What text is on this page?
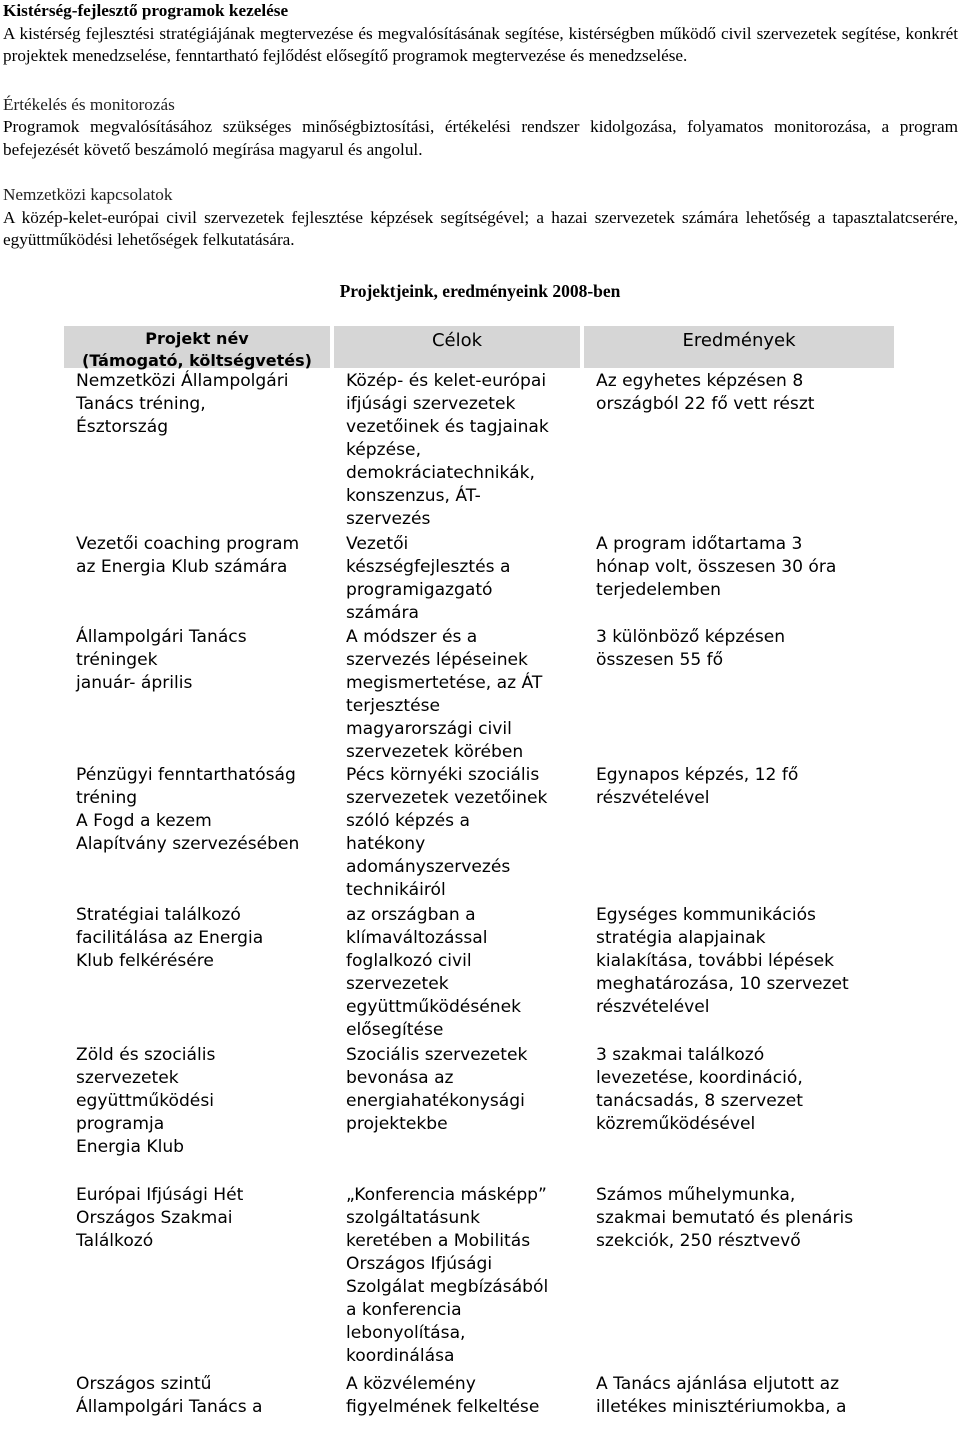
Kistérség-fejlesztő programok kezelése

A kistérség fejlesztési stratégiájának megtervezése és megvalósításának segítése, kistérségben működő civil szervezetek segítése, konkrét projektek menedzselése, fenntartható fejlődést elősegítő programok megtervezése és menedzselése.

Értékelés és monitorozás

Programok megvalósításához szükséges minőségbiztosítási, értékelési rendszer kidolgozása, folyamatos monitorozása, a program befejezését követő beszámoló megírása magyarul és angolul.

Nemzetközi kapcsolatok

A közép-kelet-európai civil szervezetek fejlesztése képzések segítségével; a hazai szervezetek számára lehetőség a tapasztalatcserére, együttműködési lehetőségek felkutatására.

Projektjeink, eredményeink 2008-ben
Projekt név
(Támogató, költségvetés)
Célok	Eredmények
Nemzetközi Állampolgári
Tanács tréning,
Észtország
Közép- és kelet-európai
ifjúsági szervezetek
vezetőinek és tagjainak
képzése,
demokráciatechnikák,
konszenzus, ÁT-
szervezés
Az egyhetes képzésen 8
országból 22 fő vett részt
Vezetői coaching program
az Energia Klub számára
Vezetői
készségfejlesztés a
programigazgató
számára
A program időtartama 3
hónap volt, összesen 30 óra
terjedelemben
Állampolgári Tanács
tréningek
január- április
A módszer és a
szervezés lépéseinek
megismertetése, az ÁT
terjesztése
magyarországi civil
szervezetek körében
3 különböző képzésen
összesen 55 fő
Pénzügyi fenntarthatóság
tréning
A Fogd a kezem
Alapítvány szervezésében
Pécs környéki szociális
szervezetek vezetőinek
szóló képzés a
hatékony
adományszervezés
technikáiról
Egynapos képzés, 12 fő
részvételével
Stratégiai találkozó
facilitálása az Energia
Klub felkérésére
az országban a
klímaváltozással
foglalkozó civil
szervezetek
együttműködésének
elősegítése
Egységes kommunikációs
stratégia alapjainak
kialakítása, további lépések
meghatározása, 10 szervezet
részvételével
Zöld és szociális
szervezetek
együttműködési
programja
Energia Klub
Szociális szervezetek
bevonása az
energiahatékonysági
projektekbe
3 szakmai találkozó
levezetése, koordináció,
tanácsadás, 8 szervezet
közreműködésével
Európai Ifjúsági Hét
Országos Szakmai
Találkozó
„Konferencia másképp”
szolgáltatásunk
keretében a Mobilitás
Országos Ifjúsági
Szolgálat megbízásából
a konferencia
lebonyolítása,
koordinálása
Számos műhelymunka,
szakmai bemutató és plenáris
szekciók, 250 résztvevő
Országos szintű
Állampolgári Tanács a
A közvélemény
figyelmének felkeltése
A Tanács ajánlása eljutott az
illetékes minisztériumokba, a
